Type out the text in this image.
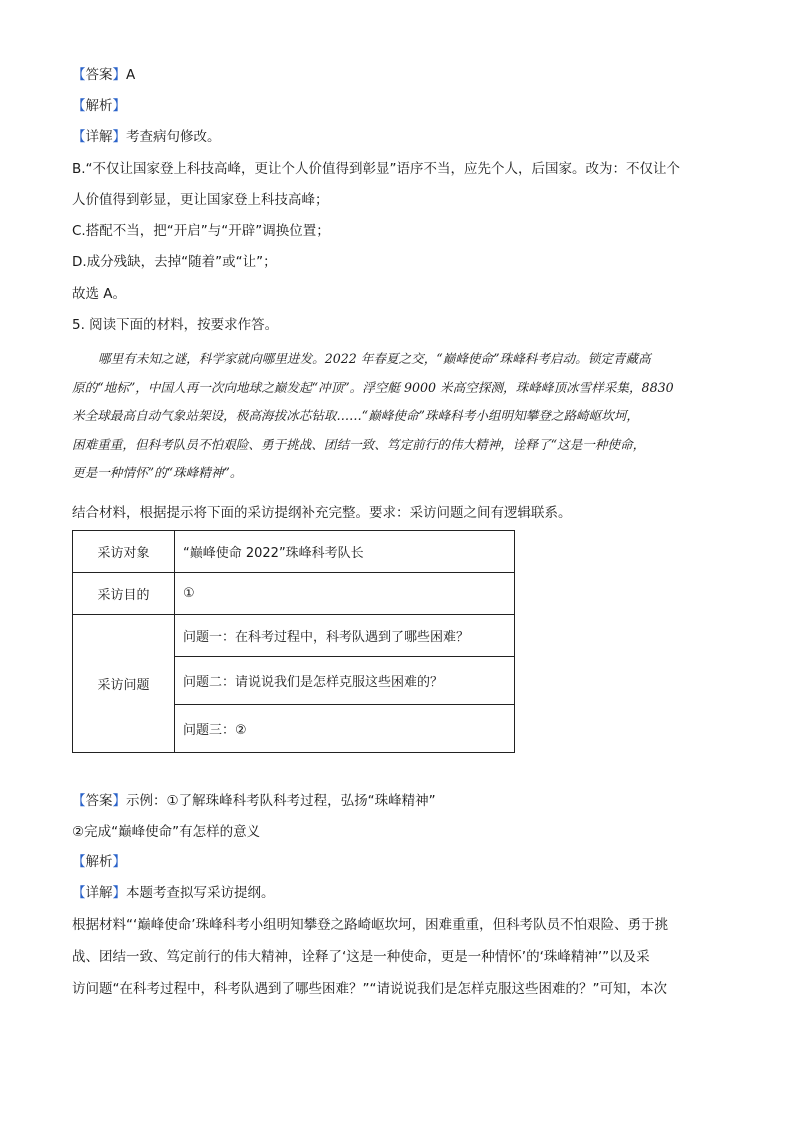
【答案】A
【解析】
【详解】考查病句修改。

B.“不仅让国家登上科技高峰，更让个人价值得到彰显”语序不当，应先个人，后国家。改为：不仅让个

人价值得到彰显，更让国家登上科技高峰；

C.搭配不当，把“开启”与“开辟”调换位置；

D.成分残缺，去掉“随着”或“让”；

故选 A。

5. 阅读下面的材料，按要求作答。

哪里有未知之谜，科学家就向哪里进发。2022 年春夏之交，“巅峰使命”珠峰科考启动。锁定青藏高

原的“地标”，中国人再一次向地球之巅发起“冲顶”。浮空艇 9000 米高空探测，珠峰峰顶冰雪样采集，8830

米全球最高自动气象站架设，极高海拔冰芯钻取……“巅峰使命”珠峰科考小组明知攀登之路崎岖坎坷，

困难重重，但科考队员不怕艰险、勇于挑战、团结一致、笃定前行的伟大精神，诠释了“这是一种使命，

更是一种情怀”的“珠峰精神”。

结合材料，根据提示将下面的采访提纲补充完整。要求：采访问题之间有逻辑联系。
采访对象	“巅峰使命 2022”珠峰科考队长
采访目的	①
采访问题	问题一：在科考过程中，科考队遇到了哪些困难？
	问题二：请说说我们是怎样克服这些困难的？
	问题三：②
【答案】示例：①了解珠峰科考队科考过程，弘扬“珠峰精神”
②完成“巅峰使命”有怎样的意义
【解析】
【详解】本题考查拟写采访提纲。

根据材料“‘巅峰使命’珠峰科考小组明知攀登之路崎岖坎坷，困难重重，但科考队员不怕艰险、勇于挑

战、团结一致、笃定前行的伟大精神，诠释了‘这是一种使命，更是一种情怀’的‘珠峰精神’”以及采

访问题“在科考过程中，科考队遇到了哪些困难？”“请说说我们是怎样克服这些困难的？”可知，本次
